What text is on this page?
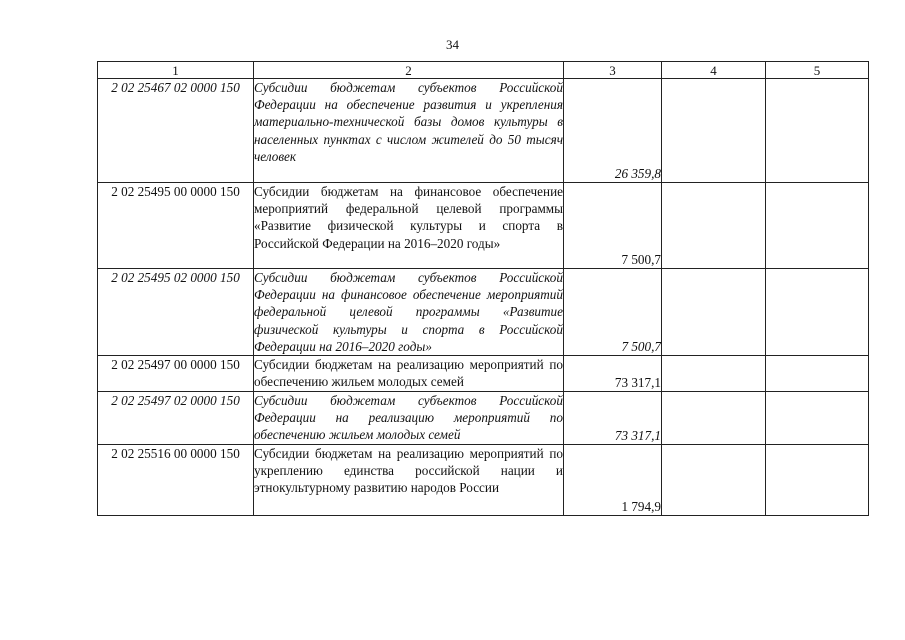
34
1	2	3	4	5
2 02 25467 02 0000 150	Субсидии бюджетам субъектов Российской Федерации на обеспечение развития и укрепления материально-технической базы домов культуры в населенных пунктах с числом жителей до 50 тысяч человек	26 359,8		
2 02 25495 00 0000 150	Субсидии бюджетам на финансовое обеспечение мероприятий федеральной целевой программы «Развитие физической культуры и спорта в Российской Федерации на 2016–2020 годы»	7 500,7		
2 02 25495 02 0000 150	Субсидии бюджетам субъектов Российской Федерации на финансовое обеспечение мероприятий федеральной целевой программы «Развитие физической культуры и спорта в Российской Федерации на 2016–2020 годы»	7 500,7		
2 02 25497 00 0000 150	Субсидии бюджетам на реализацию мероприятий по обеспечению жильем молодых семей	73 317,1		
2 02 25497 02 0000 150	Субсидии бюджетам субъектов Российской Федерации на реализацию мероприятий по обеспечению жильем молодых семей	73 317,1		
2 02 25516 00 0000 150	Субсидии бюджетам на реализацию мероприятий по укреплению единства российской нации и этнокультурному развитию народов России	1 794,9		
